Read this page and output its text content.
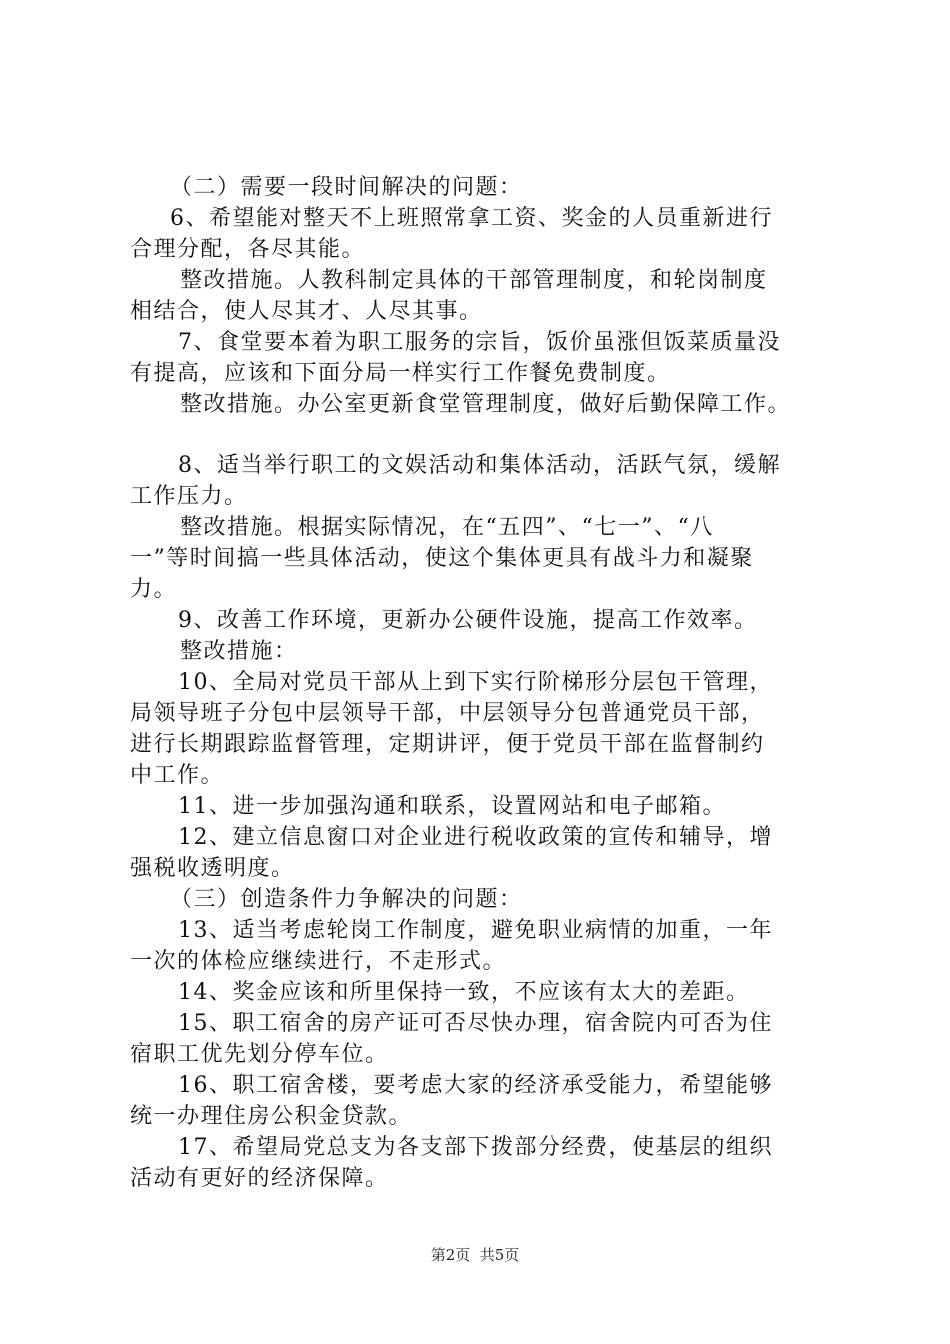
（二）需要一段时间解决的问题：
6、希望能对整天不上班照常拿工资、奖金的人员重新进行
合理分配，各尽其能。
整改措施。人教科制定具体的干部管理制度，和轮岗制度
相结合，使人尽其才、人尽其事。
7、食堂要本着为职工服务的宗旨，饭价虽涨但饭菜质量没
有提高，应该和下面分局一样实行工作餐免费制度。
整改措施。办公室更新食堂管理制度，做好后勤保障工作。
8、适当举行职工的文娱活动和集体活动，活跃气氛，缓解
工作压力。
整改措施。根据实际情况，在“五四”、“七一”、“八
一”等时间搞一些具体活动，使这个集体更具有战斗力和凝聚
力。
9、改善工作环境，更新办公硬件设施，提高工作效率。
整改措施：
10、全局对党员干部从上到下实行阶梯形分层包干管理，
局领导班子分包中层领导干部，中层领导分包普通党员干部，
进行长期跟踪监督管理，定期讲评，便于党员干部在监督制约
中工作。
11、进一步加强沟通和联系，设置网站和电子邮箱。
12、建立信息窗口对企业进行税收政策的宣传和辅导，增
强税收透明度。
（三）创造条件力争解决的问题：
13、适当考虑轮岗工作制度，避免职业病情的加重，一年
一次的体检应继续进行，不走形式。
14、奖金应该和所里保持一致，不应该有太大的差距。
15、职工宿舍的房产证可否尽快办理，宿舍院内可否为住
宿职工优先划分停车位。
16、职工宿舍楼，要考虑大家的经济承受能力，希望能够
统一办理住房公积金贷款。
17、希望局党总支为各支部下拨部分经费，使基层的组织
活动有更好的经济保障。
第2页  共5页
